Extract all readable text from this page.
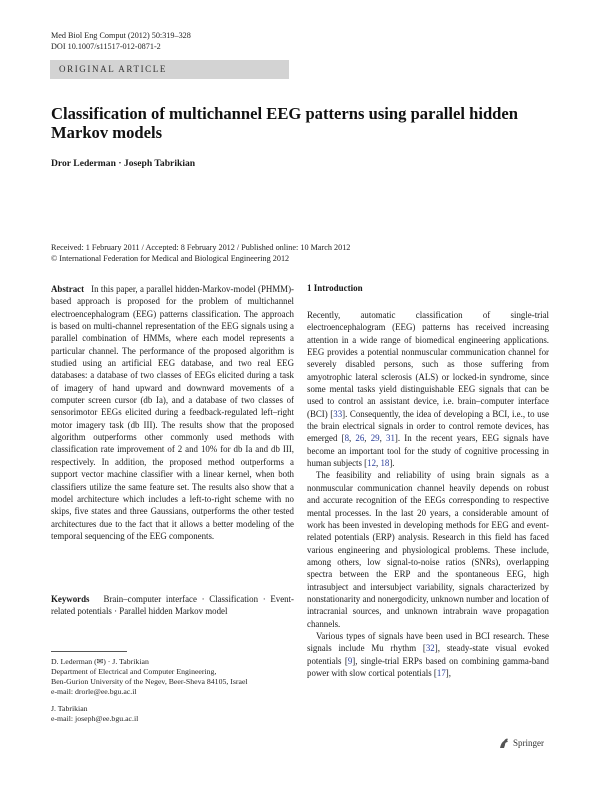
Med Biol Eng Comput (2012) 50:319–328
DOI 10.1007/s11517-012-0871-2
ORIGINAL ARTICLE
Classification of multichannel EEG patterns using parallel hidden Markov models
Dror Lederman · Joseph Tabrikian
Received: 1 February 2011 / Accepted: 8 February 2012 / Published online: 10 March 2012
© International Federation for Medical and Biological Engineering 2012

Abstract In this paper, a parallel hidden-Markov-model (PHMM)-based approach is proposed for the problem of multichannel electroencephalogram (EEG) patterns classification. The approach is based on multi-channel representation of the EEG signals using a parallel combination of HMMs, where each model represents a particular channel. The performance of the proposed algorithm is studied using an artificial EEG database, and two real EEG databases: a database of two classes of EEGs elicited during a task of imagery of hand upward and downward movements of a computer screen cursor (db Ia), and a database of two classes of sensorimotor EEGs elicited during a feedback-regulated left–right motor imagery task (db III). The results show that the proposed algorithm outperforms other commonly used methods with classification rate improvement of 2 and 10% for db Ia and db III, respectively. In addition, the proposed method outperforms a support vector machine classifier with a linear kernel, when both classifiers utilize the same feature set. The results also show that a model architecture which includes a left-to-right scheme with no skips, five states and three Gaussians, outperforms the other tested architectures due to the fact that it allows a better modeling of the temporal sequencing of the EEG components.

Keywords Brain–computer interface · Classification · Event-related potentials · Parallel hidden Markov model

D. Lederman (✉) · J. Tabrikian
Department of Electrical and Computer Engineering,
Ben-Gurion University of the Negev, Beer-Sheva 84105, Israel
e-mail: drorle@ee.bgu.ac.il
J. Tabrikian
e-mail: joseph@ee.bgu.ac.il
1 Introduction

Recently, automatic classification of single-trial electroencephalogram (EEG) patterns has received increasing attention in a wide range of biomedical engineering applications. EEG provides a potential nonmuscular communication channel for severely disabled persons, such as those suffering from amyotrophic lateral sclerosis (ALS) or locked-in syndrome, since some mental tasks yield distinguishable EEG signals that can be used to control an assistant device, i.e. brain–computer interface (BCI) [33]. Consequently, the idea of developing a BCI, i.e., to use the brain electrical signals in order to control remote devices, has emerged [8, 26, 29, 31]. In the recent years, EEG signals have become an important tool for the study of cognitive processing in human subjects [12, 18].

The feasibility and reliability of using brain signals as a nonmuscular communication channel heavily depends on robust and accurate recognition of the EEGs corresponding to respective mental processes. In the last 20 years, a considerable amount of work has been invested in developing methods for EEG and event-related potentials (ERP) analysis. Research in this field has faced various engineering and physiological problems. These include, among others, low signal-to-noise ratios (SNRs), overlapping spectra between the ERP and the spontaneous EEG, high intrasubject and intersubject variability, signals characterized by nonstationarity and nonergodicity, unknown number and location of intracranial sources, and unknown intrabrain wave propagation channels.

Various types of signals have been used in BCI research. These signals include Mu rhythm [32], steady-state visual evoked potentials [9], single-trial ERPs based on combining gamma-band power with slow cortical potentials [17],

Springer
